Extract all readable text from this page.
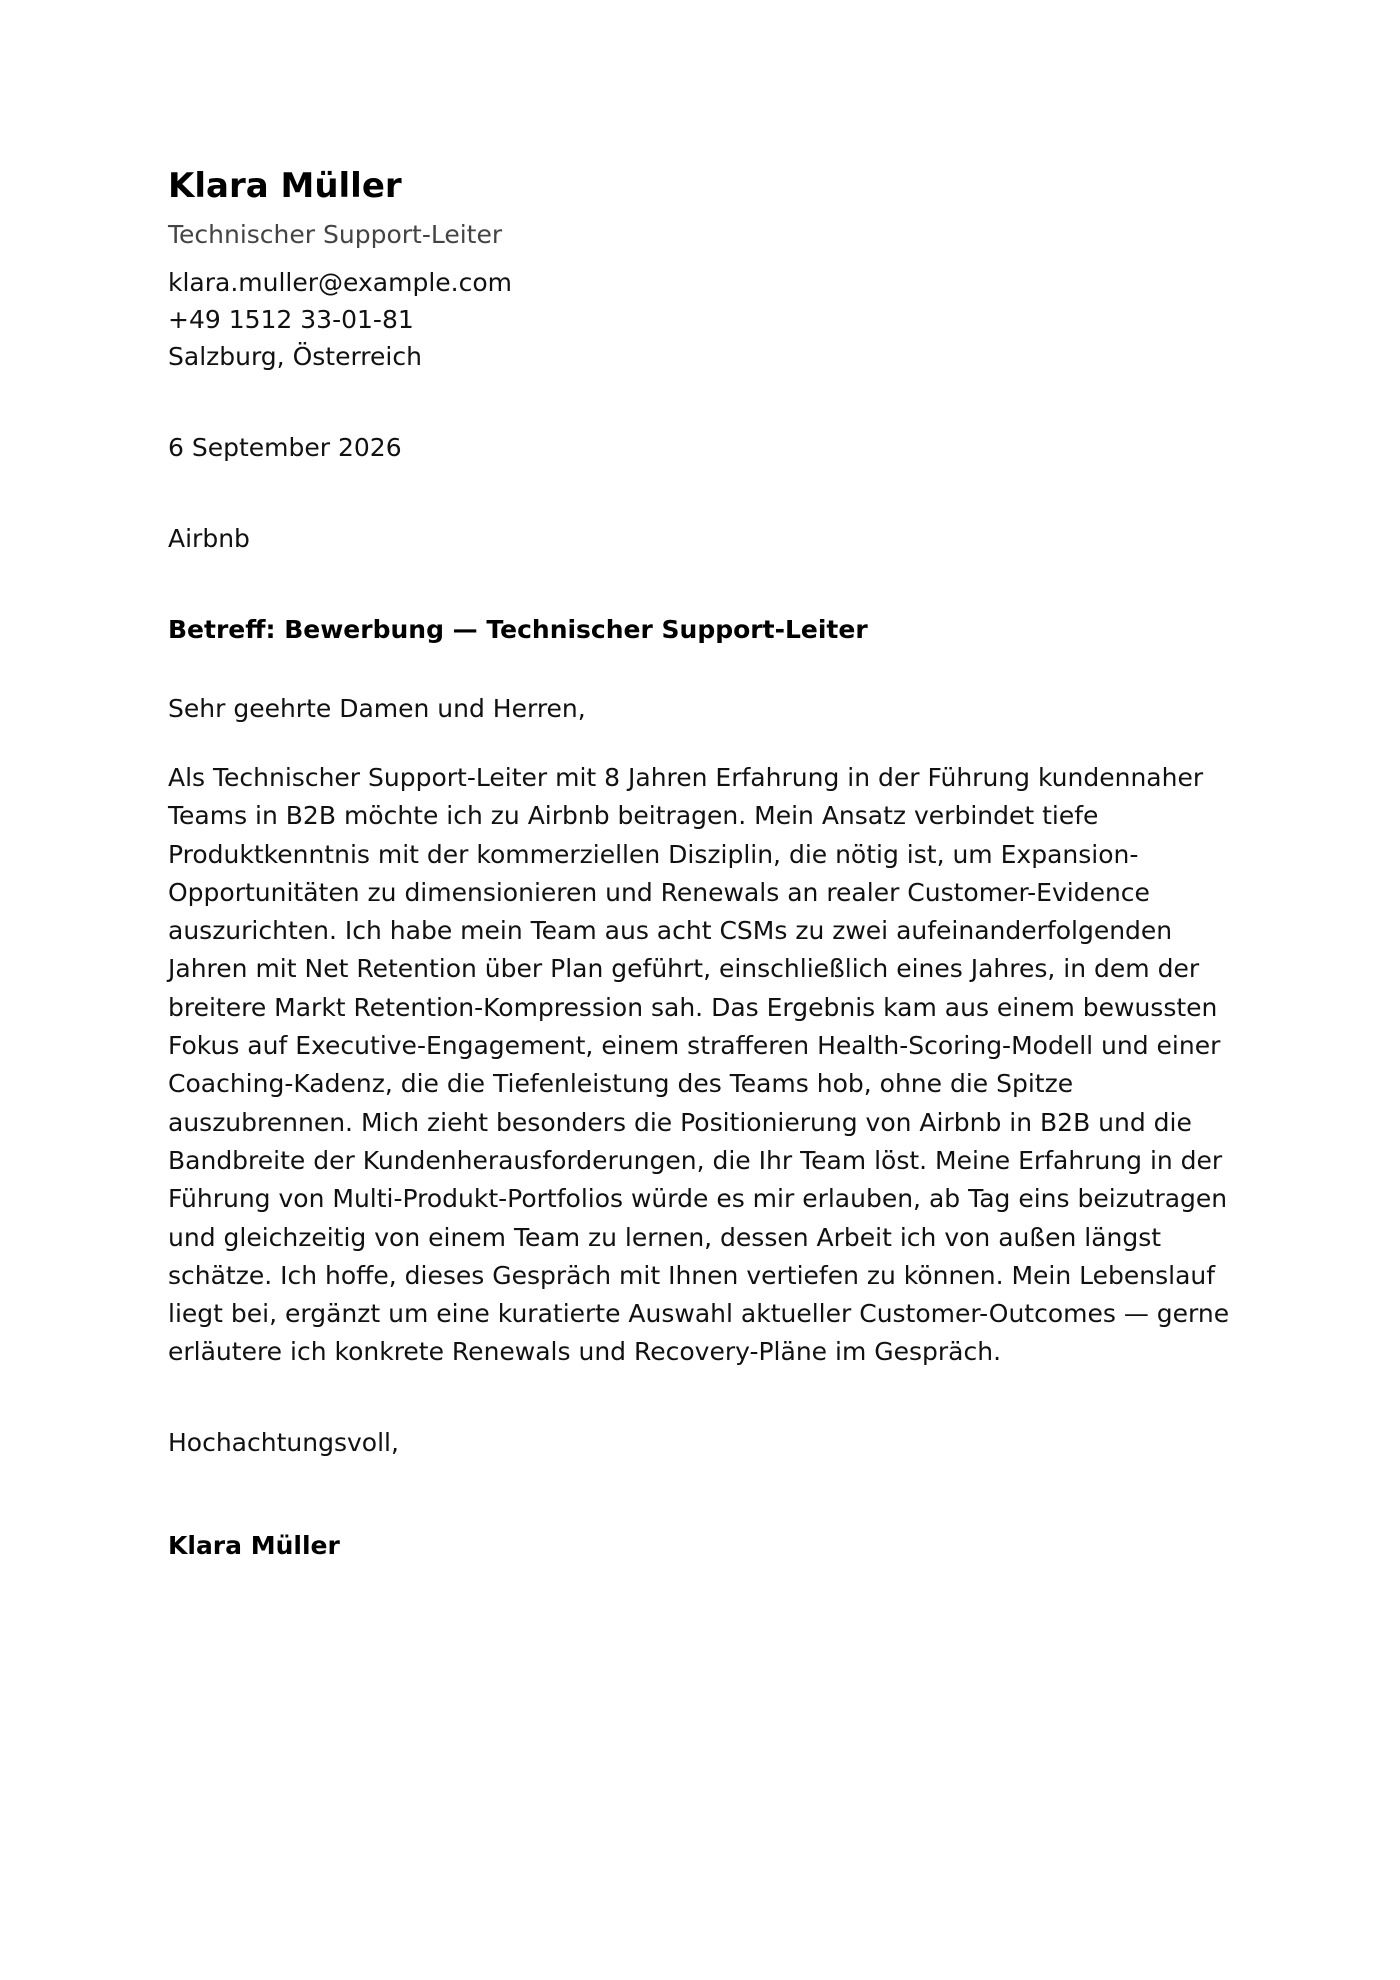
Klara Müller
Technischer Support-Leiter
klara.muller@example.com
+49 1512 33-01-81
Salzburg, Österreich
6 September 2026
Airbnb
Betreff: Bewerbung — Technischer Support-Leiter
Sehr geehrte Damen und Herren,
Als Technischer Support-Leiter mit 8 Jahren Erfahrung in der Führung kundennaher Teams in B2B möchte ich zu Airbnb beitragen. Mein Ansatz verbindet tiefe Produktkenntnis mit der kommerziellen Disziplin, die nötig ist, um Expansion-Opportunitäten zu dimensionieren und Renewals an realer Customer-Evidence auszurichten. Ich habe mein Team aus acht CSMs zu zwei aufeinanderfolgenden Jahren mit Net Retention über Plan geführt, einschließlich eines Jahres, in dem der breitere Markt Retention-Kompression sah. Das Ergebnis kam aus einem bewussten Fokus auf Executive-Engagement, einem strafferen Health-Scoring-Modell und einer Coaching-Kadenz, die die Tiefenleistung des Teams hob, ohne die Spitze auszubrennen. Mich zieht besonders die Positionierung von Airbnb in B2B und die Bandbreite der Kundenherausforderungen, die Ihr Team löst. Meine Erfahrung in der Führung von Multi-Produkt-Portfolios würde es mir erlauben, ab Tag eins beizutragen und gleichzeitig von einem Team zu lernen, dessen Arbeit ich von außen längst schätze. Ich hoffe, dieses Gespräch mit Ihnen vertiefen zu können. Mein Lebenslauf liegt bei, ergänzt um eine kuratierte Auswahl aktueller Customer-Outcomes — gerne erläutere ich konkrete Renewals und Recovery-Pläne im Gespräch.
Hochachtungsvoll,
Klara Müller
